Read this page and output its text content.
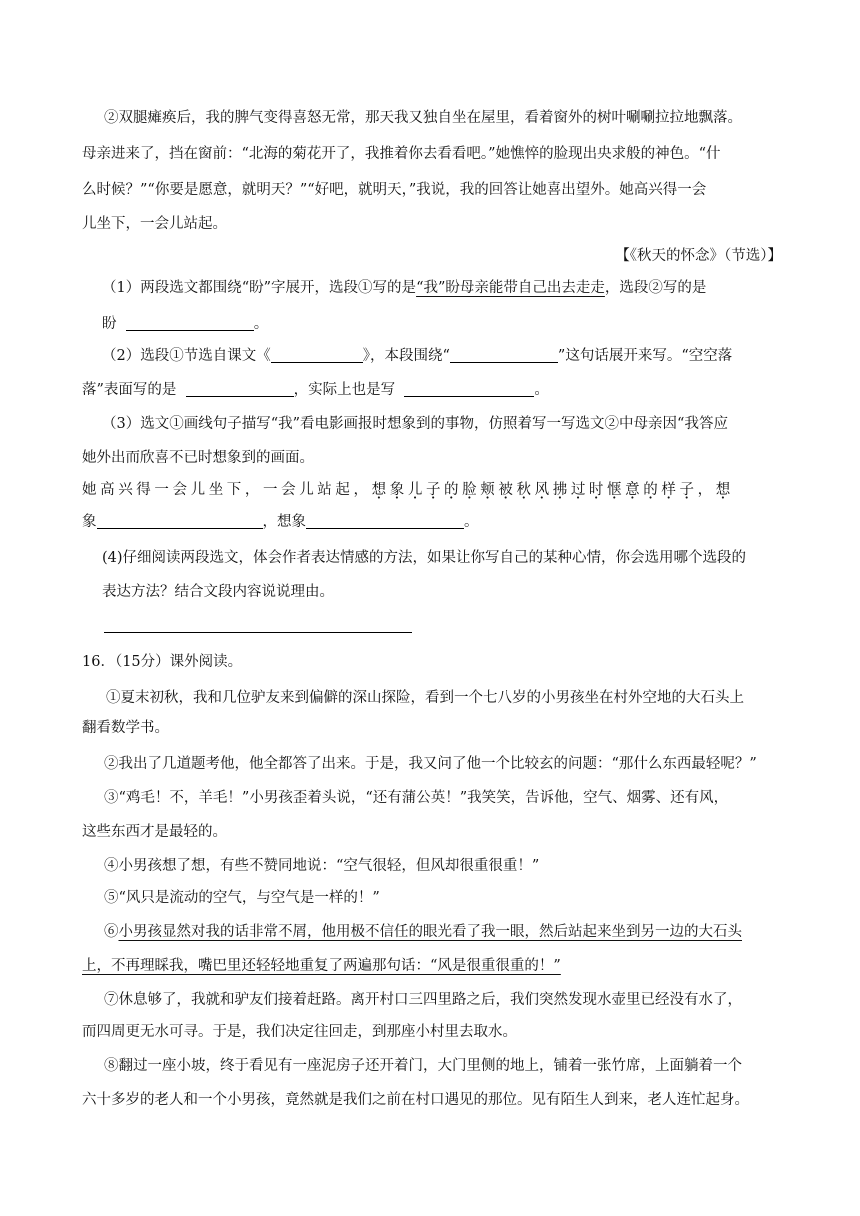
②双腿瘫痪后，我的脾气变得喜怒无常，那天我又独自坐在屋里，看着窗外的树叶唰唰拉拉地飘落。
母亲进来了，挡在窗前：“北海的菊花开了，我推着你去看看吧。”她憔悴的脸现出央求般的神色。“什
么时候？”“你要是愿意，就明天？”“好吧，就明天，”我说，我的回答让她喜出望外。她高兴得一会
儿坐下，一会儿站起。
【《秋天的怀念》（节选）】
（1）两段选文都围绕“盼”字展开，选段①写的是“我”盼母亲能带自己出去走走，选段②写的是
盼	。
（2）选段①节选自课文《	》，本段围绕“	”这句话展开来写。“空空落
落”表面写的是	，实际上也是写	。
（3）选文①画线句子描写“我”看电影画报时想象到的事物，仿照着写一写选文②中母亲因“我答应
她外出而欣喜不已时想象到的画面。
她高兴得一会儿坐下，一会儿站起，想象儿子的脸颊被秋风拂过时惬意的样子，想
象	，想象	。
(4)仔细阅读两段选文，体会作者表达情感的方法，如果让你写自己的某种心情，你会选用哪个选段的
表达方法？结合文段内容说说理由。
16．（15分）课外阅读。
①夏末初秋，我和几位驴友来到偏僻的深山探险，看到一个七八岁的小男孩坐在村外空地的大石头上
翻看数学书。
②我出了几道题考他，他全都答了出来。于是，我又问了他一个比较玄的问题：“那什么东西最轻呢？”
③“鸡毛！不，羊毛！”小男孩歪着头说，“还有蒲公英！”我笑笑，告诉他，空气、烟雾、还有风，
这些东西才是最轻的。
④小男孩想了想，有些不赞同地说：“空气很轻，但风却很重很重！”
⑤“风只是流动的空气，与空气是一样的！”
⑥小男孩显然对我的话非常不屑，他用极不信任的眼光看了我一眼，然后站起来坐到另一边的大石头
上，不再理睬我，嘴巴里还轻轻地重复了两遍那句话：“风是很重很重的！”
⑦休息够了，我就和驴友们接着赶路。离开村口三四里路之后，我们突然发现水壶里已经没有水了，
而四周更无水可寻。于是，我们决定往回走，到那座小村里去取水。
⑧翻过一座小坡，终于看见有一座泥房子还开着门，大门里侧的地上，铺着一张竹席，上面躺着一个
六十多岁的老人和一个小男孩，竟然就是我们之前在村口遇见的那位。见有陌生人到来，老人连忙起身。
